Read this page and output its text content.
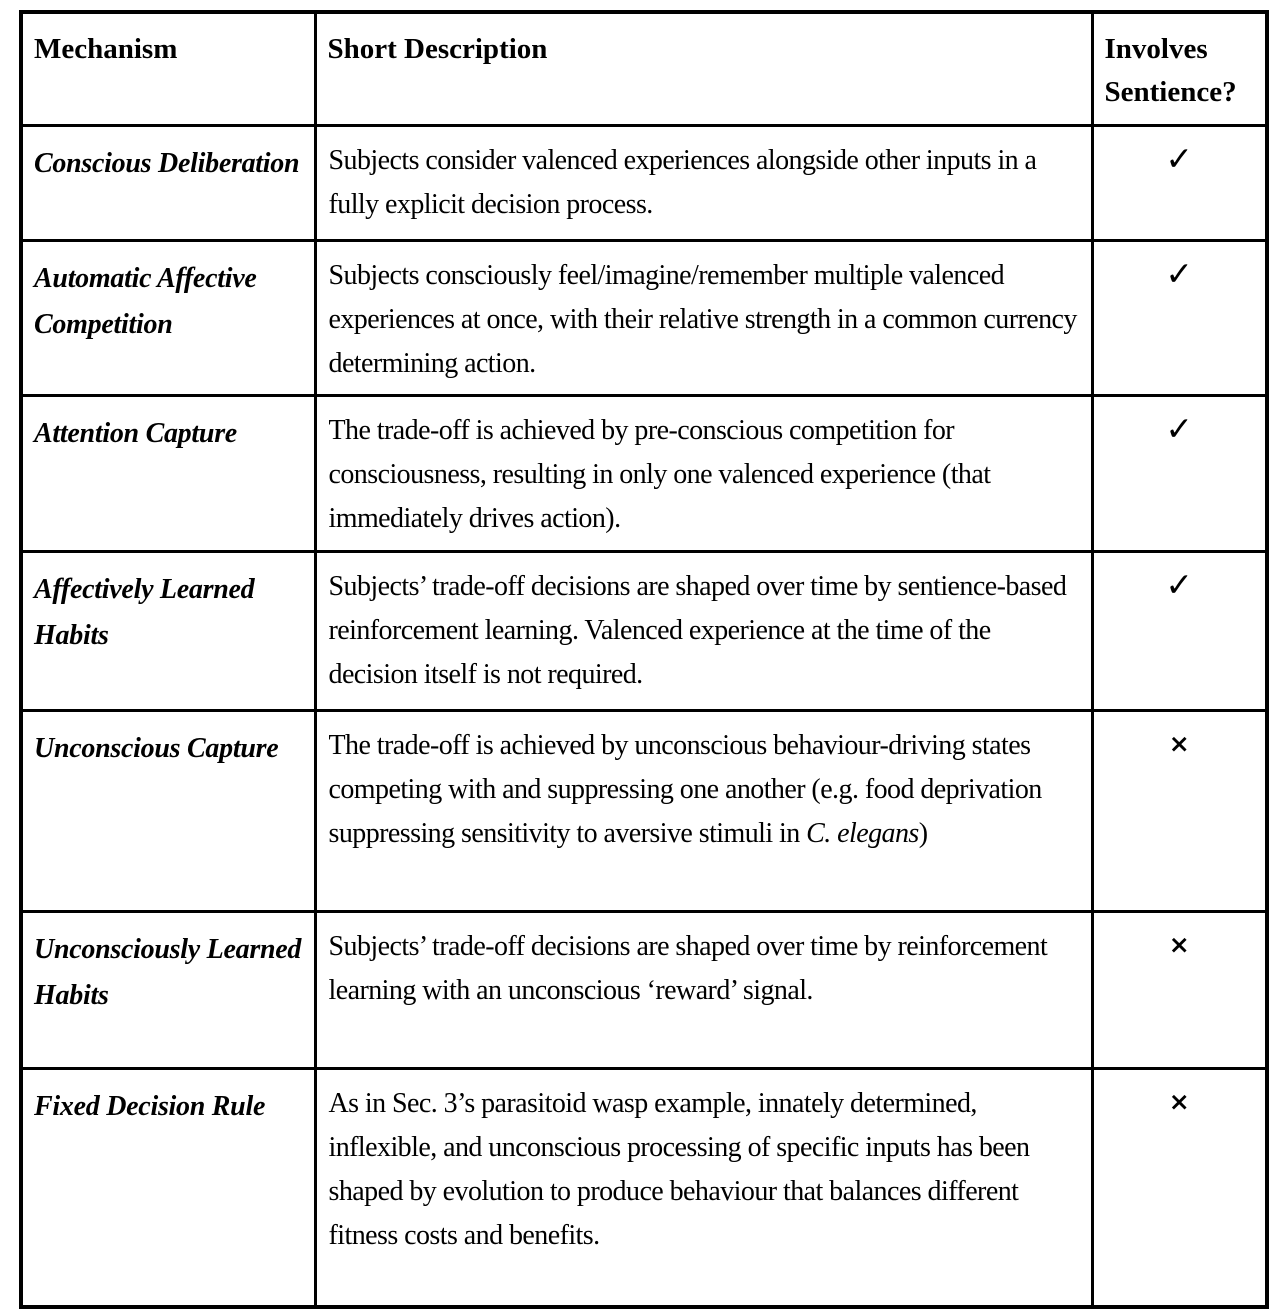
Mechanism	Short Description	Involves Sentience?
Conscious Deliberation	Subjects consider valenced experiences alongside other inputs in a fully explicit decision process.	✓
Automatic Affective Competition	Subjects consciously feel/imagine/remember multiple valenced experiences at once, with their relative strength in a common currency determining action.	✓
Attention Capture	The trade-off is achieved by pre-conscious competition for consciousness, resulting in only one valenced experience (that immediately drives action).	✓
Affectively Learned Habits	Subjects’ trade-off decisions are shaped over time by sentience-based reinforcement learning. Valenced experience at the time of the decision itself is not required.	✓
Unconscious Capture	The trade-off is achieved by unconscious behaviour-driving states competing with and suppressing one another (e.g. food deprivation suppressing sensitivity to aversive stimuli in C. elegans)	×
Unconsciously Learned Habits	Subjects’ trade-off decisions are shaped over time by reinforcement learning with an unconscious ‘reward’ signal.	×
Fixed Decision Rule	As in Sec. 3’s parasitoid wasp example, innately determined, inflexible, and unconscious processing of specific inputs has been shaped by evolution to produce behaviour that balances different fitness costs and benefits.	×
